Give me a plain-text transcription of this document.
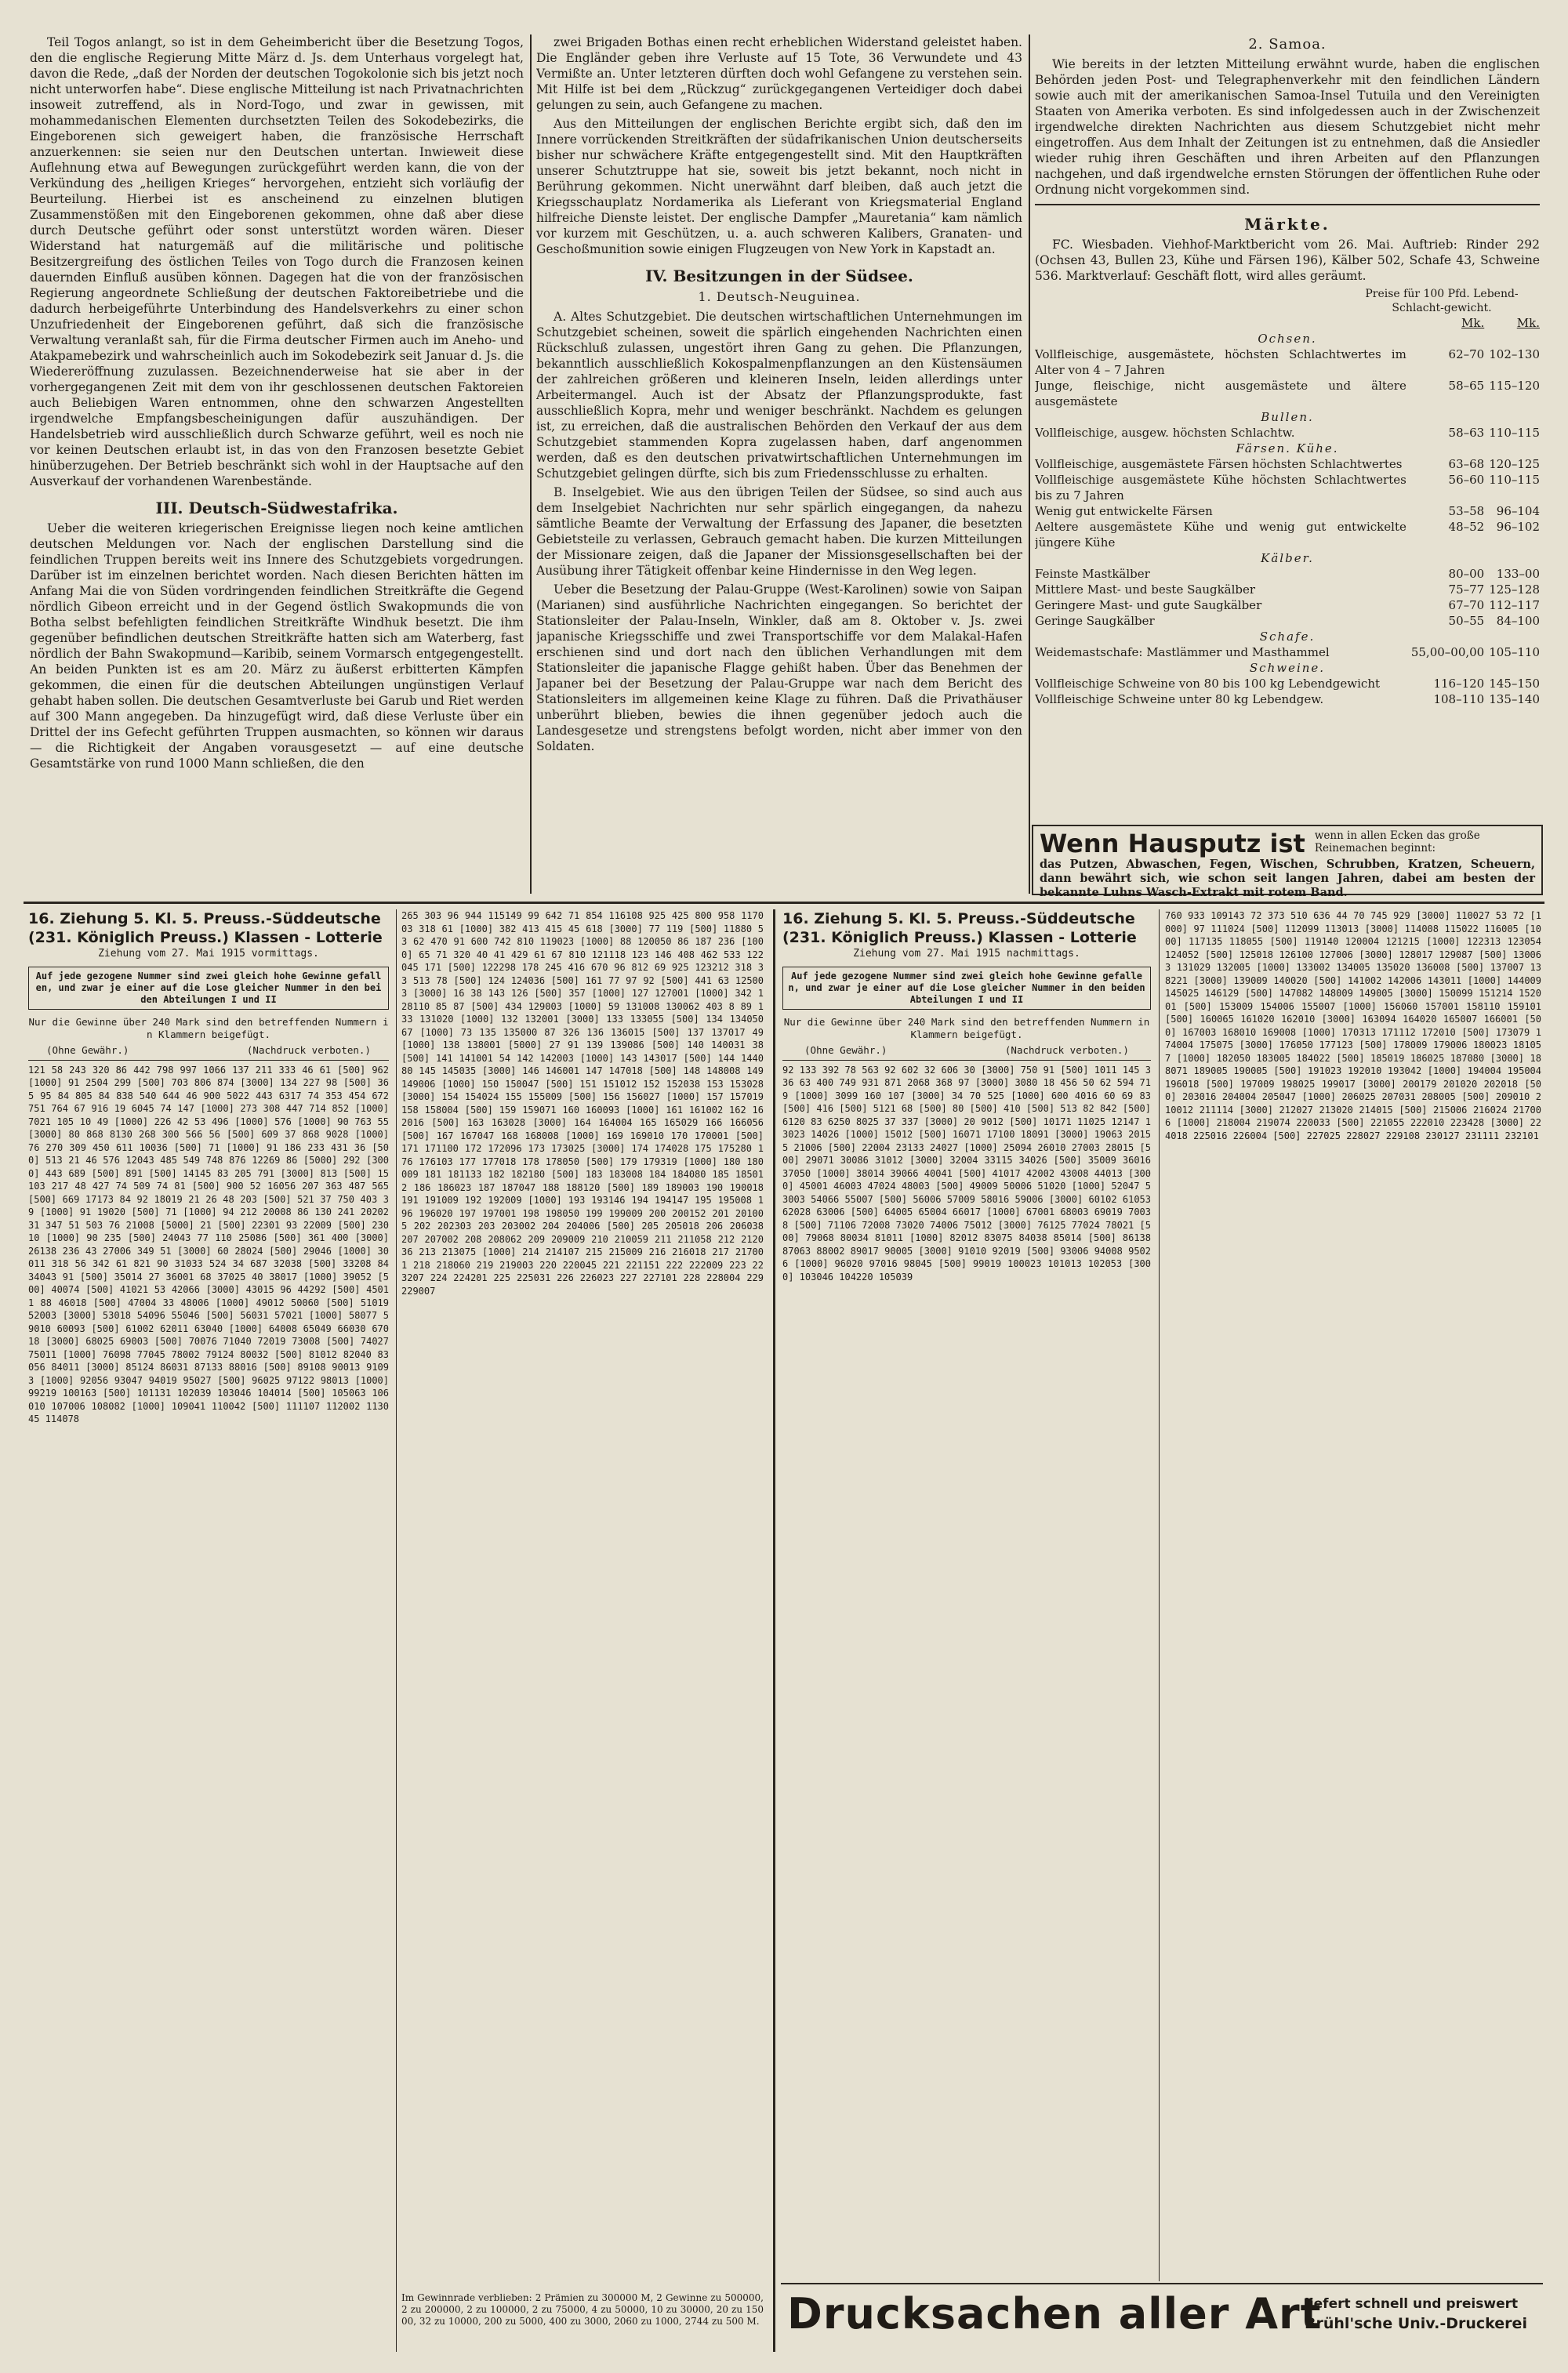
Teil Togos anlangt, so ist in dem Geheimbericht über die Besetzung Togos, den die englische Regierung Mitte März d. Js. dem Unterhaus vorgelegt hat, davon die Rede, „daß der Norden der deutschen Togokolonie sich bis jetzt noch nicht unterworfen habe“. Diese englische Mitteilung ist nach Privatnachrichten insoweit zutreffend, als in Nord-Togo, und zwar in gewissen, mit mohammedanischen Elementen durchsetzten Teilen des Sokodebezirks, die Eingeborenen sich geweigert haben, die französische Herrschaft anzuerkennen: sie seien nur den Deutschen untertan. Inwieweit diese Auflehnung etwa auf Bewegungen zurückgeführt werden kann, die von der Verkündung des „heiligen Krieges“ hervorgehen, entzieht sich vorläufig der Beurteilung. Hierbei ist es anscheinend zu einzelnen blutigen Zusammenstößen mit den Eingeborenen gekommen, ohne daß aber diese durch Deutsche geführt oder sonst unterstützt worden wären. Dieser Widerstand hat naturgemäß auf die militärische und politische Besitzergreifung des östlichen Teiles von Togo durch die Franzosen keinen dauernden Einfluß ausüben können. Dagegen hat die von der französischen Regierung angeordnete Schließung der deutschen Faktoreibetriebe und die dadurch herbeigeführte Unterbindung des Handelsverkehrs zu einer schon Unzufriedenheit der Eingeborenen geführt, daß sich die französische Verwaltung veranlaßt sah, für die Firma deutscher Firmen auch im Aneho- und Atakpamebezirk und wahrscheinlich auch im Sokodebezirk seit Januar d. Js. die Wiedereröffnung zuzulassen. Bezeichnenderweise hat sie aber in der vorhergegangenen Zeit mit dem von ihr geschlossenen deutschen Faktoreien auch Beliebigen Waren entnommen, ohne den schwarzen Angestellten irgendwelche Empfangsbescheinigungen dafür auszuhändigen. Der Handelsbetrieb wird ausschließlich durch Schwarze geführt, weil es noch nie vor keinen Deutschen erlaubt ist, in das von den Franzosen besetzte Gebiet hinüberzugehen. Der Betrieb beschränkt sich wohl in der Hauptsache auf den Ausverkauf der vorhandenen Warenbestände.

III. Deutsch-Südwestafrika.

Ueber die weiteren kriegerischen Ereignisse liegen noch keine amtlichen deutschen Meldungen vor. Nach der englischen Darstellung sind die feindlichen Truppen bereits weit ins Innere des Schutzgebiets vorgedrungen. Darüber ist im einzelnen berichtet worden. Nach diesen Berichten hätten im Anfang Mai die von Süden vordringenden feindlichen Streitkräfte die Gegend nördlich Gibeon erreicht und in der Gegend östlich Swakopmunds die von Botha selbst befehligten feindlichen Streitkräfte Windhuk besetzt. Die ihm gegenüber befindlichen deutschen Streitkräfte hatten sich am Waterberg, fast nördlich der Bahn Swakopmund—Karibib, seinem Vormarsch entgegengestellt. An beiden Punkten ist es am 20. März zu äußerst erbitterten Kämpfen gekommen, die einen für die deutschen Abteilungen ungünstigen Verlauf gehabt haben sollen. Die deutschen Gesamtverluste bei Garub und Riet werden auf 300 Mann angegeben. Da hinzugefügt wird, daß diese Verluste über ein Drittel der ins Gefecht geführten Truppen ausmachten, so können wir daraus — die Richtigkeit der Angaben vorausgesetzt — auf eine deutsche Gesamtstärke von rund 1000 Mann schließen, die den

zwei Brigaden Bothas einen recht erheblichen Widerstand geleistet haben. Die Engländer geben ihre Verluste auf 15 Tote, 36 Verwundete und 43 Vermißte an. Unter letzteren dürften doch wohl Gefangene zu verstehen sein. Mit Hilfe ist bei dem „Rückzug“ zurückgegangenen Verteidiger doch dabei gelungen zu sein, auch Gefangene zu machen.

Aus den Mitteilungen der englischen Berichte ergibt sich, daß den im Innere vorrückenden Streitkräften der südafrikanischen Union deutscherseits bisher nur schwächere Kräfte entgegengestellt sind. Mit den Hauptkräften unserer Schutztruppe hat sie, soweit bis jetzt bekannt, noch nicht in Berührung gekommen. Nicht unerwähnt darf bleiben, daß auch jetzt die Kriegsschauplatz Nordamerika als Lieferant von Kriegsmaterial England hilfreiche Dienste leistet. Der englische Dampfer „Mauretania“ kam nämlich vor kurzem mit Geschützen, u. a. auch schweren Kalibers, Granaten- und Geschoßmunition sowie einigen Flugzeugen von New York in Kapstadt an.

IV. Besitzungen in der Südsee.
1. Deutsch-Neuguinea.

A. Altes Schutzgebiet. Die deutschen wirtschaftlichen Unternehmungen im Schutzgebiet scheinen, soweit die spärlich eingehenden Nachrichten einen Rückschluß zulassen, ungestört ihren Gang zu gehen. Die Pflanzungen, bekanntlich ausschließlich Kokospalmenpflanzungen an den Küstensäumen der zahlreichen größeren und kleineren Inseln, leiden allerdings unter Arbeitermangel. Auch ist der Absatz der Pflanzungsprodukte, fast ausschließlich Kopra, mehr und weniger beschränkt. Nachdem es gelungen ist, zu erreichen, daß die australischen Behörden den Verkauf der aus dem Schutzgebiet stammenden Kopra zugelassen haben, darf angenommen werden, daß es den deutschen privatwirtschaftlichen Unternehmungen im Schutzgebiet gelingen dürfte, sich bis zum Friedensschlusse zu erhalten.

B. Inselgebiet. Wie aus den übrigen Teilen der Südsee, so sind auch aus dem Inselgebiet Nachrichten nur sehr spärlich eingegangen, da nahezu sämtliche Beamte der Verwaltung der Erfassung des Japaner, die besetzten Gebietsteile zu verlassen, Gebrauch gemacht haben. Die kurzen Mitteilungen der Missionare zeigen, daß die Japaner der Missionsgesellschaften bei der Ausübung ihrer Tätigkeit offenbar keine Hindernisse in den Weg legen.

Ueber die Besetzung der Palau-Gruppe (West-Karolinen) sowie von Saipan (Marianen) sind ausführliche Nachrichten eingegangen. So berichtet der Stationsleiter der Palau-Inseln, Winkler, daß am 8. Oktober v. Js. zwei japanische Kriegsschiffe und zwei Transportschiffe vor dem Malakal-Hafen erschienen sind und dort nach den üblichen Verhandlungen mit dem Stationsleiter die japanische Flagge gehißt haben. Über das Benehmen der Japaner bei der Besetzung der Palau-Gruppe war nach dem Bericht des Stationsleiters im allgemeinen keine Klage zu führen. Daß die Privathäuser unberührt blieben, bewies die ihnen gegenüber jedoch auch die Landesgesetze und strengstens befolgt worden, nicht aber immer von den Soldaten.

2. Samoa.

Wie bereits in der letzten Mitteilung erwähnt wurde, haben die englischen Behörden jeden Post- und Telegraphenverkehr mit den feindlichen Ländern sowie auch mit der amerikanischen Samoa-Insel Tutuila und den Vereinigten Staaten von Amerika verboten. Es sind infolgedessen auch in der Zwischenzeit irgendwelche direkten Nachrichten aus diesem Schutzgebiet nicht mehr eingetroffen. Aus dem Inhalt der Zeitungen ist zu entnehmen, daß die Ansiedler wieder ruhig ihren Geschäften und ihren Arbeiten auf den Pflanzungen nachgehen, und daß irgendwelche ernsten Störungen der öffentlichen Ruhe oder Ordnung nicht vorgekommen sind.

Märkte.

FC. Wiesbaden. Viehhof-Marktbericht vom 26. Mai. Auftrieb: Rinder 292 (Ochsen 43, Bullen 23, Kühe und Färsen 196), Kälber 502, Schafe 43, Schweine 536. Marktverlauf: Geschäft flott, wird alles geräumt.

Preise für 100 Pfd. Lebend- Schlacht-gewicht.
	Mk.	Mk.
Ochsen.		
Vollfleischige, ausgemästete, höchsten Schlachtwertes im Alter von 4 – 7 Jahren	62–70	102–130
Junge, fleischige, nicht ausgemästete und ältere ausgemästete	58–65	115–120
Bullen.		
Vollfleischige, ausgew. höchsten Schlachtw.	58–63	110–115
Färsen. Kühe.		
Vollfleischige, ausgemästete Färsen höchsten Schlachtwertes	63–68	120–125
Vollfleischige ausgemästete Kühe höchsten Schlachtwertes bis zu 7 Jahren	56–60	110–115
Wenig gut entwickelte Färsen	53–58	96–104
Aeltere ausgemästete Kühe und wenig gut entwickelte jüngere Kühe	48–52	96–102
Kälber.		
Feinste Mastkälber	80–00	133–00
Mittlere Mast- und beste Saugkälber	75–77	125–128
Geringere Mast- und gute Saugkälber	67–70	112–117
Geringe Saugkälber	50–55	84–100
Schafe.		
Weidemastschafe: Mastlämmer und Masthammel	55,00–00,00	105–110
Schweine.		
Vollfleischige Schweine von 80 bis 100 kg Lebendgewicht	116–120	145–150
Vollfleischige Schweine unter 80 kg Lebendgew.	108–110	135–140
Wenn Hausputz ist wenn in allen Ecken das große Reinemachen beginnt:
das Putzen, Abwaschen, Fegen, Wischen, Schrubben, Kratzen, Scheuern, dann bewährt sich, wie schon seit langen Jahren, dabei am besten der bekannte Luhns Wasch-Extrakt mit rotem Band.
16. Ziehung 5. Kl. 5. Preuss.-Süddeutsche
(231. Königlich Preuss.) Klassen - Lotterie
Ziehung vom 27. Mai 1915 vormittags.
Auf jede gezogene Nummer sind zwei gleich hohe Gewinne gefallen, und zwar je einer auf die Lose gleicher Nummer in den beiden Abteilungen I und II
Nur die Gewinne über 240 Mark sind den betreffenden Nummern in Klammern beigefügt.
(Ohne Gewähr.)                    (Nachdruck verboten.)
121 58 243 320 86 442 798 997 1066 137 211 333 46 61 [500] 962 [1000] 91 2504 299 [500] 703 806 874 [3000] 134 227 98 [500] 365 95 84 805 84 838 540 644 46 900 5022 443 6317 74 353 454 672 751 764 67 916 19 6045 74 147 [1000] 273 308 447 714 852 [1000] 7021 105 10 49 [1000] 226 42 53 496 [1000] 576 [1000] 90 763 55 [3000] 80 868 8130 268 300 566 56 [500] 609 37 868 9028 [1000] 76 270 309 450 611 10036 [500] 71 [1000] 91 186 233 431 36 [500] 513 21 46 576 12043 485 549 748 876 12269 86 [5000] 292 [3000] 443 689 [500] 891 [500] 14145 83 205 791 [3000] 813 [500] 15103 217 48 427 74 509 74 81 [500] 900 52 16056 207 363 487 565 [500] 669 17173 84 92 18019 21 26 48 203 [500] 521 37 750 403 39 [1000] 91 19020 [500] 71 [1000] 94 212 20008 86 130 241 20202 31 347 51 503 76 21008 [5000] 21 [500] 22301 93 22009 [500] 23010 [1000] 90 235 [500] 24043 77 110 25086 [500] 361 400 [3000] 26138 236 43 27006 349 51 [3000] 60 28024 [500] 29046 [1000] 30011 318 56 342 61 821 90 31033 524 34 687 32038 [500] 33208 84 34043 91 [500] 35014 27 36001 68 37025 40 38017 [1000] 39052 [500] 40074 [500] 41021 53 42066 [3000] 43015 96 44292 [500] 45011 88 46018 [500] 47004 33 48006 [1000] 49012 50060 [500] 51019 52003 [3000] 53018 54096 55046 [500] 56031 57021 [1000] 58077 59010 60093 [500] 61002 62011 63040 [1000] 64008 65049 66030 67018 [3000] 68025 69003 [500] 70076 71040 72019 73008 [500] 74027 75011 [1000] 76098 77045 78002 79124 80032 [500] 81012 82040 83056 84011 [3000] 85124 86031 87133 88016 [500] 89108 90013 91093 [1000] 92056 93047 94019 95027 [500] 96025 97122 98013 [1000] 99219 100163 [500] 101131 102039 103046 104014 [500] 105063 106010 107006 108082 [1000] 109041 110042 [500] 111107 112002 113045 114078
265 303 96 944 115149 99 642 71 854 116108 925 425 800 958 117003 318 61 [1000] 382 413 415 45 618 [3000] 77 119 [500] 11880 53 62 470 91 600 742 810 119023 [1000] 88 120050 86 187 236 [1000] 65 71 320 40 41 429 61 67 810 121118 123 146 408 462 533 122045 171 [500] 122298 178 245 416 670 96 812 69 925 123212 318 33 513 78 [500] 124 124036 [500] 161 77 97 92 [500] 441 63 125003 [3000] 16 38 143 126 [500] 357 [1000] 127 127001 [1000] 342 128110 85 87 [500] 434 129003 [1000] 59 131008 130062 403 8 89 133 131020 [1000] 132 132001 [3000] 133 133055 [500] 134 134050 67 [1000] 73 135 135000 87 326 136 136015 [500] 137 137017 49 [1000] 138 138001 [5000] 27 91 139 139086 [500] 140 140031 38 [500] 141 141001 54 142 142003 [1000] 143 143017 [500] 144 144080 145 145035 [3000] 146 146001 147 147018 [500] 148 148008 149 149006 [1000] 150 150047 [500] 151 151012 152 152038 153 153028 [3000] 154 154024 155 155009 [500] 156 156027 [1000] 157 157019 158 158004 [500] 159 159071 160 160093 [1000] 161 161002 162 162016 [500] 163 163028 [3000] 164 164004 165 165029 166 166056 [500] 167 167047 168 168008 [1000] 169 169010 170 170001 [500] 171 171100 172 172096 173 173025 [3000] 174 174028 175 175280 176 176103 177 177018 178 178050 [500] 179 179319 [1000] 180 180009 181 181133 182 182180 [500] 183 183008 184 184080 185 185012 186 186023 187 187047 188 188120 [500] 189 189003 190 190018 191 191009 192 192009 [1000] 193 193146 194 194147 195 195008 196 196020 197 197001 198 198050 199 199009 200 200152 201 201005 202 202303 203 203002 204 204006 [500] 205 205018 206 206038 207 207002 208 208062 209 209009 210 210059 211 211058 212 212036 213 213075 [1000] 214 214107 215 215009 216 216018 217 217001 218 218060 219 219003 220 220045 221 221151 222 222009 223 223207 224 224201 225 225031 226 226023 227 227101 228 228004 229 229007
Im Gewinnrade verblieben: 2 Prämien zu 300000 M, 2 Gewinne zu 500000, 2 zu 200000, 2 zu 100000, 2 zu 75000, 4 zu 50000, 10 zu 30000, 20 zu 15000, 32 zu 10000, 200 zu 5000, 400 zu 3000, 2060 zu 1000, 2744 zu 500 M.
16. Ziehung 5. Kl. 5. Preuss.-Süddeutsche
(231. Königlich Preuss.) Klassen - Lotterie
Ziehung vom 27. Mai 1915 nachmittags.
Auf jede gezogene Nummer sind zwei gleich hohe Gewinne gefallen, und zwar je einer auf die Lose gleicher Nummer in den beiden Abteilungen I und II
Nur die Gewinne über 240 Mark sind den betreffenden Nummern in Klammern beigefügt.
(Ohne Gewähr.)                    (Nachdruck verboten.)
92 133 392 78 563 92 602 32 606 30 [3000] 750 91 [500] 1011 145 336 63 400 749 931 871 2068 368 97 [3000] 3080 18 456 50 62 594 719 [1000] 3099 160 107 [3000] 34 70 525 [1000] 600 4016 60 69 83 [500] 416 [500] 5121 68 [500] 80 [500] 410 [500] 513 82 842 [500] 6120 83 6250 8025 37 337 [3000] 20 9012 [500] 10171 11025 12147 13023 14026 [1000] 15012 [500] 16071 17100 18091 [3000] 19063 20155 21006 [500] 22004 23133 24027 [1000] 25094 26010 27003 28015 [500] 29071 30086 31012 [3000] 32004 33115 34026 [500] 35009 36016 37050 [1000] 38014 39066 40041 [500] 41017 42002 43008 44013 [3000] 45001 46003 47024 48003 [500] 49009 50006 51020 [1000] 52047 53003 54066 55007 [500] 56006 57009 58016 59006 [3000] 60102 61053 62028 63006 [500] 64005 65004 66017 [1000] 67001 68003 69019 70038 [500] 71106 72008 73020 74006 75012 [3000] 76125 77024 78021 [500] 79068 80034 81011 [1000] 82012 83075 84038 85014 [500] 86138 87063 88002 89017 90005 [3000] 91010 92019 [500] 93006 94008 95026 [1000] 96020 97016 98045 [500] 99019 100023 101013 102053 [3000] 103046 104220 105039
760 933 109143 72 373 510 636 44 70 745 929 [3000] 110027 53 72 [1000] 97 111024 [500] 112099 113013 [3000] 114008 115022 116005 [1000] 117135 118055 [500] 119140 120004 121215 [1000] 122313 123054 124052 [500] 125018 126100 127006 [3000] 128017 129087 [500] 130063 131029 132005 [1000] 133002 134005 135020 136008 [500] 137007 138221 [3000] 139009 140020 [500] 141002 142006 143011 [1000] 144009 145025 146129 [500] 147082 148009 149005 [3000] 150099 151214 152001 [500] 153009 154006 155007 [1000] 156060 157001 158110 159101 [500] 160065 161020 162010 [3000] 163094 164020 165007 166001 [500] 167003 168010 169008 [1000] 170313 171112 172010 [500] 173079 174004 175075 [3000] 176050 177123 [500] 178009 179006 180023 181057 [1000] 182050 183005 184022 [500] 185019 186025 187080 [3000] 188071 189005 190005 [500] 191023 192010 193042 [1000] 194004 195004 196018 [500] 197009 198025 199017 [3000] 200179 201020 202018 [500] 203016 204004 205047 [1000] 206025 207031 208005 [500] 209010 210012 211114 [3000] 212027 213020 214015 [500] 215006 216024 217006 [1000] 218004 219074 220033 [500] 221055 222010 223428 [3000] 224018 225016 226004 [500] 227025 228027 229108 230127 231111 232101
Drucksachen aller Art
liefert schnell und preiswert
Brühl'sche Univ.-Druckerei
